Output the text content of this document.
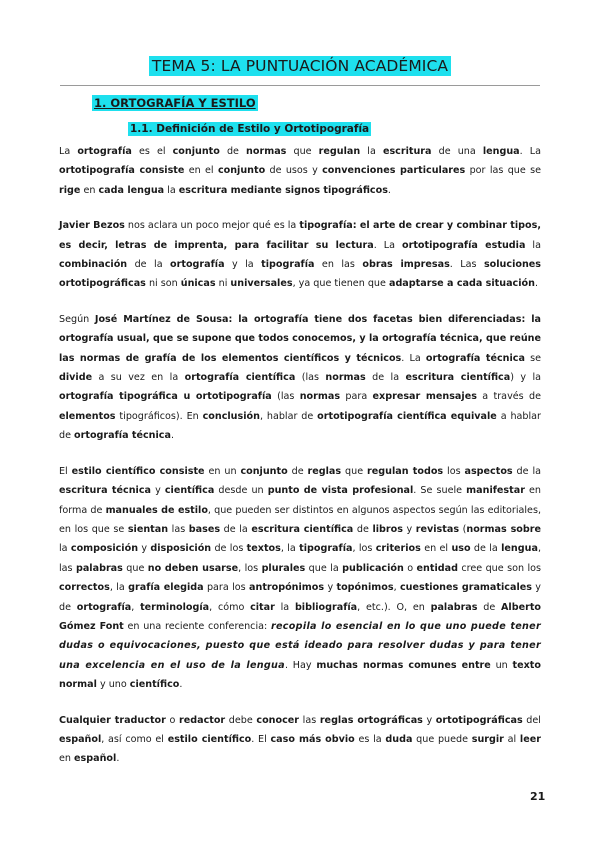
TEMA 5: LA PUNTUACIÓN ACADÉMICA
1. ORTOGRAFÍA Y ESTILO
1.1. Definición de Estilo y Ortotipografía

La ortografía es el conjunto de normas que regulan la escritura de una lengua. La ortotipografía consiste en el conjunto de usos y convenciones particulares por las que se rige en cada lengua la escritura mediante signos tipográficos.

Javier Bezos nos aclara un poco mejor qué es la tipografía: el arte de crear y combinar tipos, es decir, letras de imprenta, para facilitar su lectura. La ortotipografía estudia la combinación de la ortografía y la tipografía en las obras impresas. Las soluciones ortotipográficas ni son únicas ni universales, ya que tienen que adaptarse a cada situación.

Según José Martínez de Sousa: la ortografía tiene dos facetas bien diferenciadas: la ortografía usual, que se supone que todos conocemos, y la ortografía técnica, que reúne las normas de grafía de los elementos científicos y técnicos. La ortografía técnica se divide a su vez en la ortografía científica (las normas de la escritura científica) y la ortografía tipográfica u ortotipografía (las normas para expresar mensajes a través de elementos tipográficos). En conclusión, hablar de ortotipografía científica equivale a hablar de ortografía técnica.

El estilo científico consiste en un conjunto de reglas que regulan todos los aspectos de la escritura técnica y científica desde un punto de vista profesional. Se suele manifestar en forma de manuales de estilo, que pueden ser distintos en algunos aspectos según las editoriales, en los que se sientan las bases de la escritura científica de libros y revistas (normas sobre la composición y disposición de los textos, la tipografía, los criterios en el uso de la lengua, las palabras que no deben usarse, los plurales que la publicación o entidad cree que son los correctos, la grafía elegida para los antropónimos y topónimos, cuestiones gramaticales y de ortografía, terminología, cómo citar la bibliografía, etc.). O, en palabras de Alberto Gómez Font en una reciente conferencia: recopila lo esencial en lo que uno puede tener dudas o equivocaciones, puesto que está ideado para resolver dudas y para tener una excelencia en el uso de la lengua. Hay muchas normas comunes entre un texto normal y uno científico.

Cualquier traductor o redactor debe conocer las reglas ortográficas y ortotipográficas del español, así como el estilo científico. El caso más obvio es la duda que puede surgir al leer en español.

21
